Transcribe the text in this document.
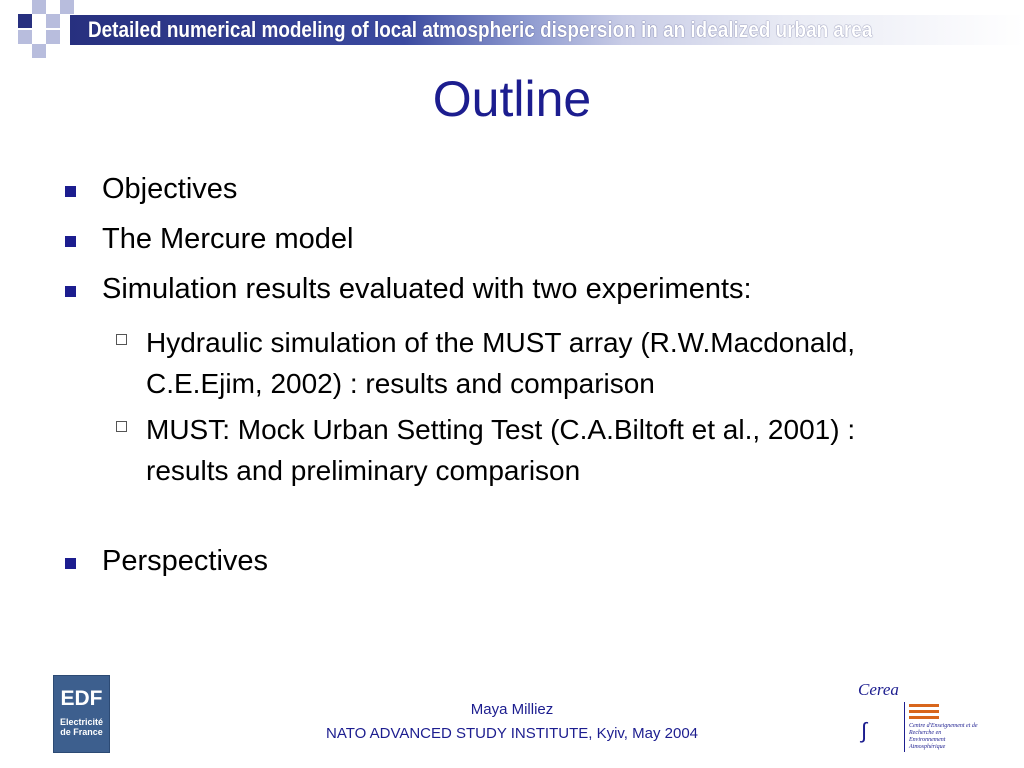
Detailed numerical modeling of local atmospheric dispersion in an idealized urban area
Outline
Objectives
The Mercure model
Simulation results evaluated with two experiments:
Hydraulic simulation of the MUST array (R.W.Macdonald, C.E.Ejim, 2002) : results and comparison
MUST: Mock Urban Setting Test (C.A.Biltoft et al., 2001) : results and preliminary comparison
Perspectives
Maya Milliez
NATO ADVANCED STUDY INSTITUTE, Kyiv, May 2004
EDF
Electricité
de France
Cerea
∫	Centre d'Enseignement et de Recherche en Environnement Atmosphérique
